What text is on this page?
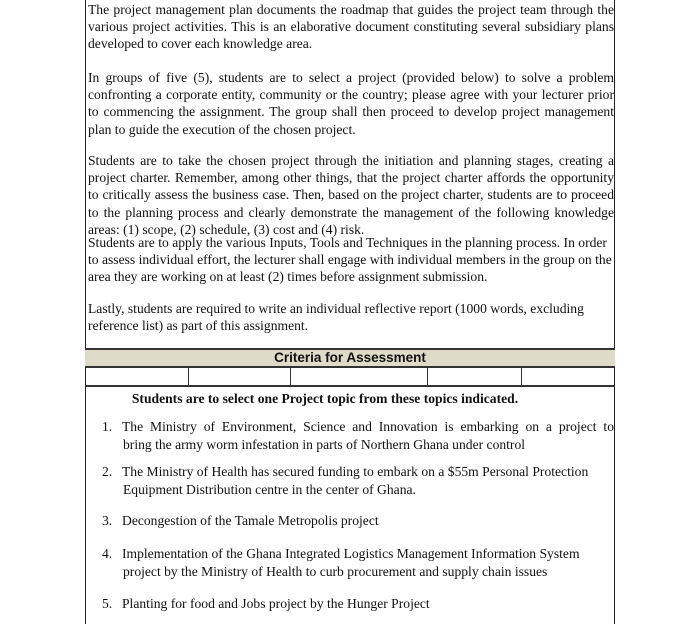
The project management plan documents the roadmap that guides the project team through the various project activities. This is an elaborative document constituting several subsidiary plans developed to cover each knowledge area.

In groups of five (5), students are to select a project (provided below) to solve a problem confronting a corporate entity, community or the country; please agree with your lecturer prior to commencing the assignment. The group shall then proceed to develop project management plan to guide the execution of the chosen project.

Students are to take the chosen project through the initiation and planning stages, creating a project charter. Remember, among other things, that the project charter affords the opportunity to critically assess the business case. Then, based on the project charter, students are to proceed to the planning process and clearly demonstrate the management of the following knowledge areas: (1) scope, (2) schedule, (3) cost and (4) risk.

Students are to apply the various Inputs, Tools and Techniques in the planning process. In order to assess individual effort, the lecturer shall engage with individual members in the group on the area they are working on at least (2) times before assignment submission.

Lastly, students are required to write an individual reflective report (1000 words, excluding reference list) as part of this assignment.

Criteria for Assessment
Students are to select one Project topic from these topics indicated.
1. The Ministry of Environment, Science and Innovation is embarking on a project to
bring the army worm infestation in parts of Northern Ghana under control
2. The Ministry of Health has secured funding to embark on a $55m Personal Protection
Equipment Distribution centre in the center of Ghana.
3. Decongestion of the Tamale Metropolis project
4. Implementation of the Ghana Integrated Logistics Management Information System
project by the Ministry of Health to curb procurement and supply chain issues
5. Planting for food and Jobs project by the Hunger Project
